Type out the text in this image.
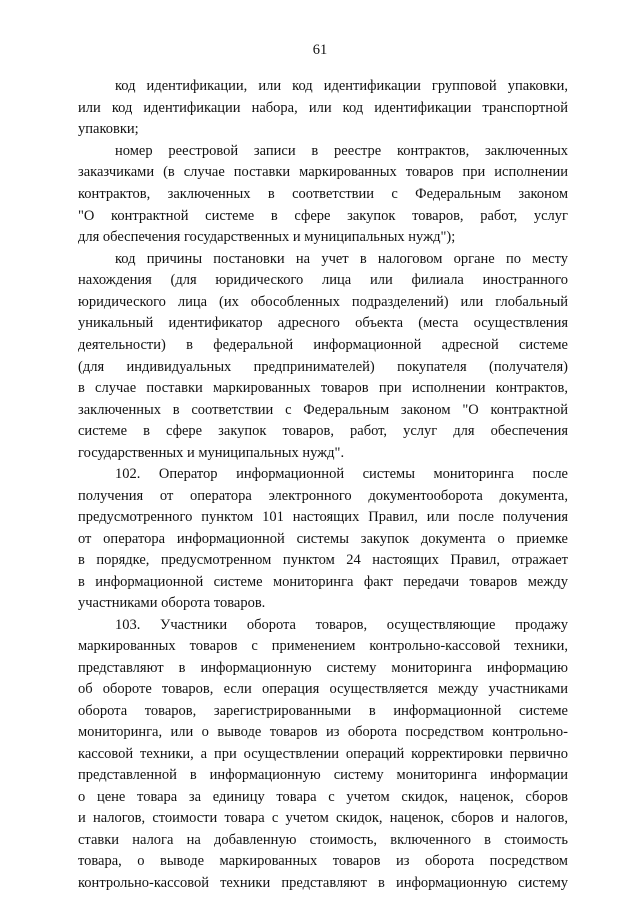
61
код идентификации, или код идентификации групповой упаковки,
или код идентификации набора, или код идентификации транспортной
упаковки;
номер реестровой записи в реестре контрактов, заключенных
заказчиками (в случае поставки маркированных товаров при исполнении
контрактов, заключенных в соответствии с Федеральным законом
"О контрактной системе в сфере закупок товаров, работ, услуг
для обеспечения государственных и муниципальных нужд");
код причины постановки на учет в налоговом органе по месту
нахождения (для юридического лица или филиала иностранного
юридического лица (их обособленных подразделений) или глобальный
уникальный идентификатор адресного объекта (места осуществления
деятельности) в федеральной информационной адресной системе
(для индивидуальных предпринимателей) покупателя (получателя)
в случае поставки маркированных товаров при исполнении контрактов,
заключенных в соответствии с Федеральным законом "О контрактной
системе в сфере закупок товаров, работ, услуг для обеспечения
государственных и муниципальных нужд".
102. Оператор информационной системы мониторинга после
получения от оператора электронного документооборота документа,
предусмотренного пунктом 101 настоящих Правил, или после получения
от оператора информационной системы закупок документа о приемке
в порядке, предусмотренном пунктом 24 настоящих Правил, отражает
в информационной системе мониторинга факт передачи товаров между
участниками оборота товаров.
103. Участники оборота товаров, осуществляющие продажу
маркированных товаров с применением контрольно-кассовой техники,
представляют в информационную систему мониторинга информацию
об обороте товаров, если операция осуществляется между участниками
оборота товаров, зарегистрированными в информационной системе
мониторинга, или о выводе товаров из оборота посредством контрольно-
кассовой техники, а при осуществлении операций корректировки первично
представленной в информационную систему мониторинга информации
о цене товара за единицу товара с учетом скидок, наценок, сборов
и налогов, стоимости товара с учетом скидок, наценок, сборов и налогов,
ставки налога на добавленную стоимость, включенного в стоимость
товара, о выводе маркированных товаров из оборота посредством
контрольно-кассовой техники представляют в информационную систему
